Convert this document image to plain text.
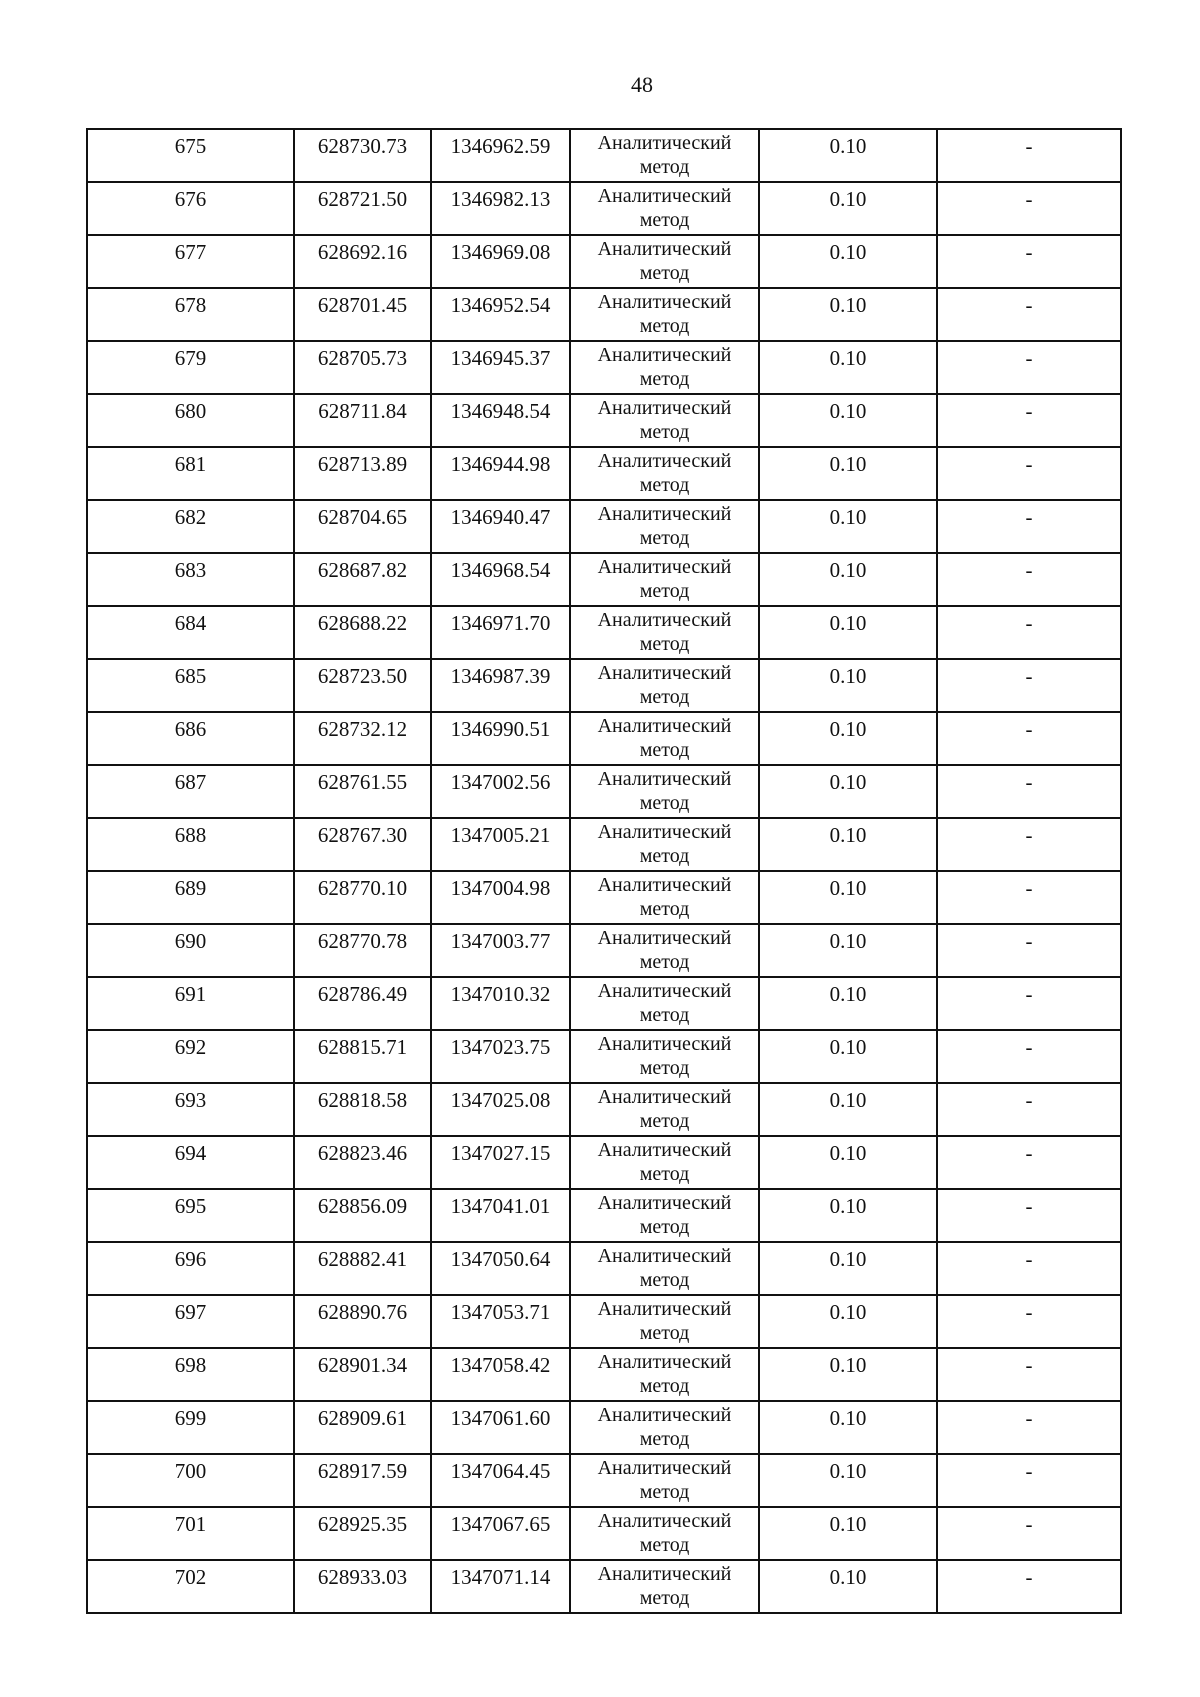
48
675	628730.73	1346962.59	Аналитический
метод	0.10	-
676	628721.50	1346982.13	Аналитический
метод	0.10	-
677	628692.16	1346969.08	Аналитический
метод	0.10	-
678	628701.45	1346952.54	Аналитический
метод	0.10	-
679	628705.73	1346945.37	Аналитический
метод	0.10	-
680	628711.84	1346948.54	Аналитический
метод	0.10	-
681	628713.89	1346944.98	Аналитический
метод	0.10	-
682	628704.65	1346940.47	Аналитический
метод	0.10	-
683	628687.82	1346968.54	Аналитический
метод	0.10	-
684	628688.22	1346971.70	Аналитический
метод	0.10	-
685	628723.50	1346987.39	Аналитический
метод	0.10	-
686	628732.12	1346990.51	Аналитический
метод	0.10	-
687	628761.55	1347002.56	Аналитический
метод	0.10	-
688	628767.30	1347005.21	Аналитический
метод	0.10	-
689	628770.10	1347004.98	Аналитический
метод	0.10	-
690	628770.78	1347003.77	Аналитический
метод	0.10	-
691	628786.49	1347010.32	Аналитический
метод	0.10	-
692	628815.71	1347023.75	Аналитический
метод	0.10	-
693	628818.58	1347025.08	Аналитический
метод	0.10	-
694	628823.46	1347027.15	Аналитический
метод	0.10	-
695	628856.09	1347041.01	Аналитический
метод	0.10	-
696	628882.41	1347050.64	Аналитический
метод	0.10	-
697	628890.76	1347053.71	Аналитический
метод	0.10	-
698	628901.34	1347058.42	Аналитический
метод	0.10	-
699	628909.61	1347061.60	Аналитический
метод	0.10	-
700	628917.59	1347064.45	Аналитический
метод	0.10	-
701	628925.35	1347067.65	Аналитический
метод	0.10	-
702	628933.03	1347071.14	Аналитический
метод	0.10	-
